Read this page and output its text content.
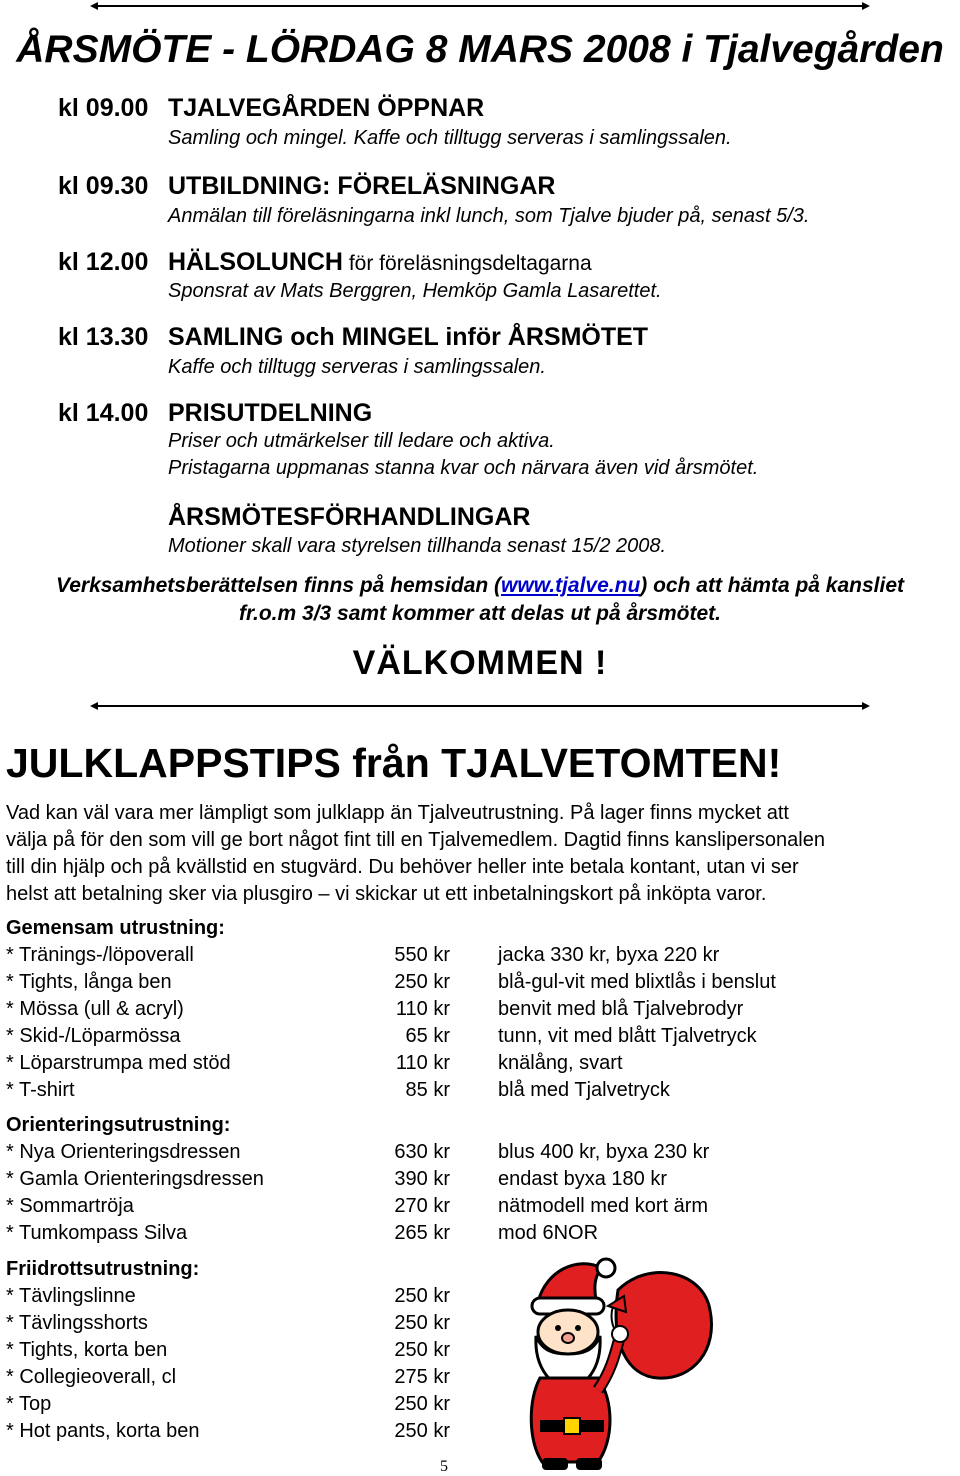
ÅRSMÖTE - LÖRDAG 8 MARS 2008 i Tjalvegården
kl 09.00 TJALVEGÅRDEN ÖPPNAR
Samling och mingel. Kaffe och tilltugg serveras i samlingssalen.
kl 09.30 UTBILDNING: FÖRELÄSNINGAR
Anmälan till föreläsningarna inkl lunch, som Tjalve bjuder på, senast 5/3.
kl 12.00 HÄLSOLUNCH för föreläsningsdeltagarna
Sponsrat av Mats Berggren, Hemköp Gamla Lasarettet.
kl 13.30 SAMLING och MINGEL inför ÅRSMÖTET
Kaffe och tilltugg serveras i samlingssalen.
kl 14.00 PRISUTDELNING
Priser och utmärkelser till ledare och aktiva.
Pristagarna uppmanas stanna kvar och närvara även vid årsmötet.
ÅRSMÖTESFÖRHANDLINGAR
Motioner skall vara styrelsen tillhanda senast 15/2 2008.
Verksamhetsberättelsen finns på hemsidan (www.tjalve.nu) och att hämta på kansliet
fr.o.m 3/3 samt kommer att delas ut på årsmötet.
VÄLKOMMEN !
JULKLAPPSTIPS från TJALVETOMTEN!
Vad kan väl vara mer lämpligt som julklapp än Tjalveutrustning. På lager finns mycket att
välja på för den som vill ge bort något fint till en Tjalvemedlem. Dagtid finns kanslipersonalen
till din hjälp och på kvällstid en stugvärd. Du behöver heller inte betala kontant, utan vi ser
helst att betalning sker via plusgiro – vi skickar ut ett inbetalningskort på inköpta varor.
Gemensam utrustning:
* Tränings-/löpoverall	550 kr jacka 330 kr, byxa 220 kr
* Tights, långa ben	250 kr blå-gul-vit med blixtlås i benslut
* Mössa (ull & acryl)	110 kr benvit med blå Tjalvebrodyr
* Skid-/Löparmössa	65 kr tunn, vit med blått Tjalvetryck
* Löparstrumpa med stöd	110 kr knälång, svart
* T-shirt	85 kr blå med Tjalvetryck
Orienteringsutrustning:
* Nya Orienteringsdressen	630 kr blus 400 kr, byxa 230 kr
* Gamla Orienteringsdressen	390 kr endast byxa 180 kr
* Sommartröja	270 kr nätmodell med kort ärm
* Tumkompass Silva	265 kr mod 6NOR
Friidrottsutrustning:
* Tävlingslinne	250 kr
* Tävlingsshorts	250 kr
* Tights, korta ben	250 kr
* Collegieoverall, cl	275 kr
* Top	250 kr
* Hot pants, korta ben	250 kr
5
